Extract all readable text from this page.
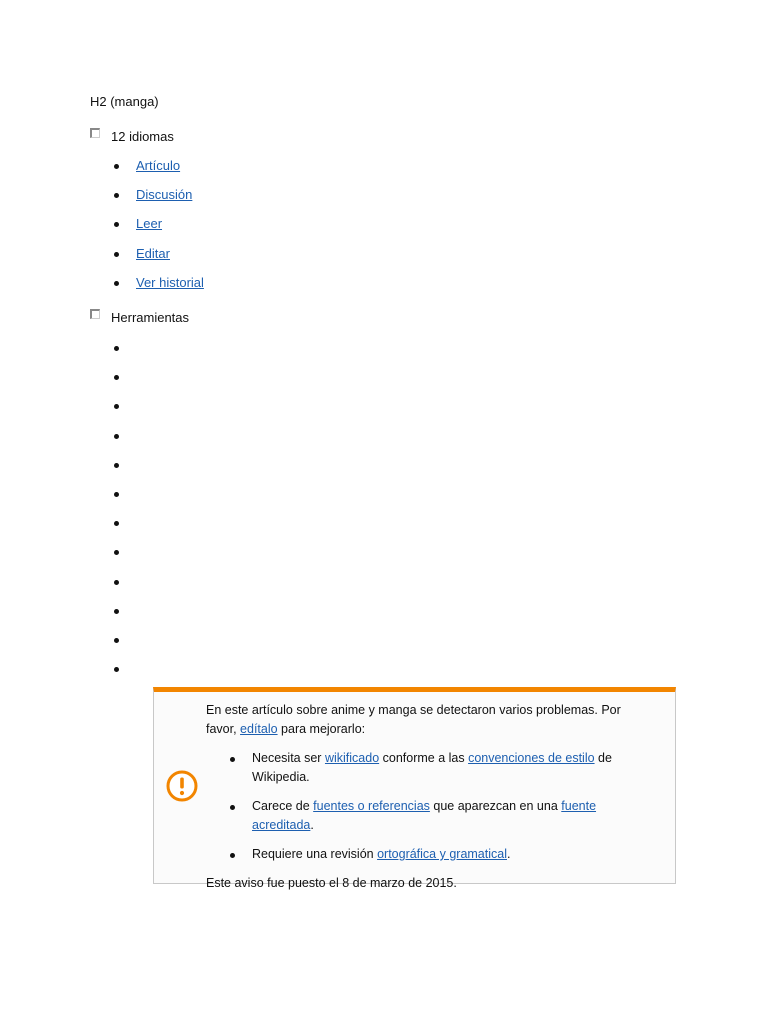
H2 (manga)
12 idiomas
Artículo
Discusión
Leer
Editar
Ver historial
Herramientas

En este artículo sobre anime y manga se detectaron varios problemas. Por favor, edítalo para mejorarlo:

Necesita ser wikificado conforme a las convenciones de estilo de Wikipedia.
Carece de fuentes o referencias que aparezcan en una fuente acreditada.
Requiere una revisión ortográfica y gramatical.

Este aviso fue puesto el 8 de marzo de 2015.
